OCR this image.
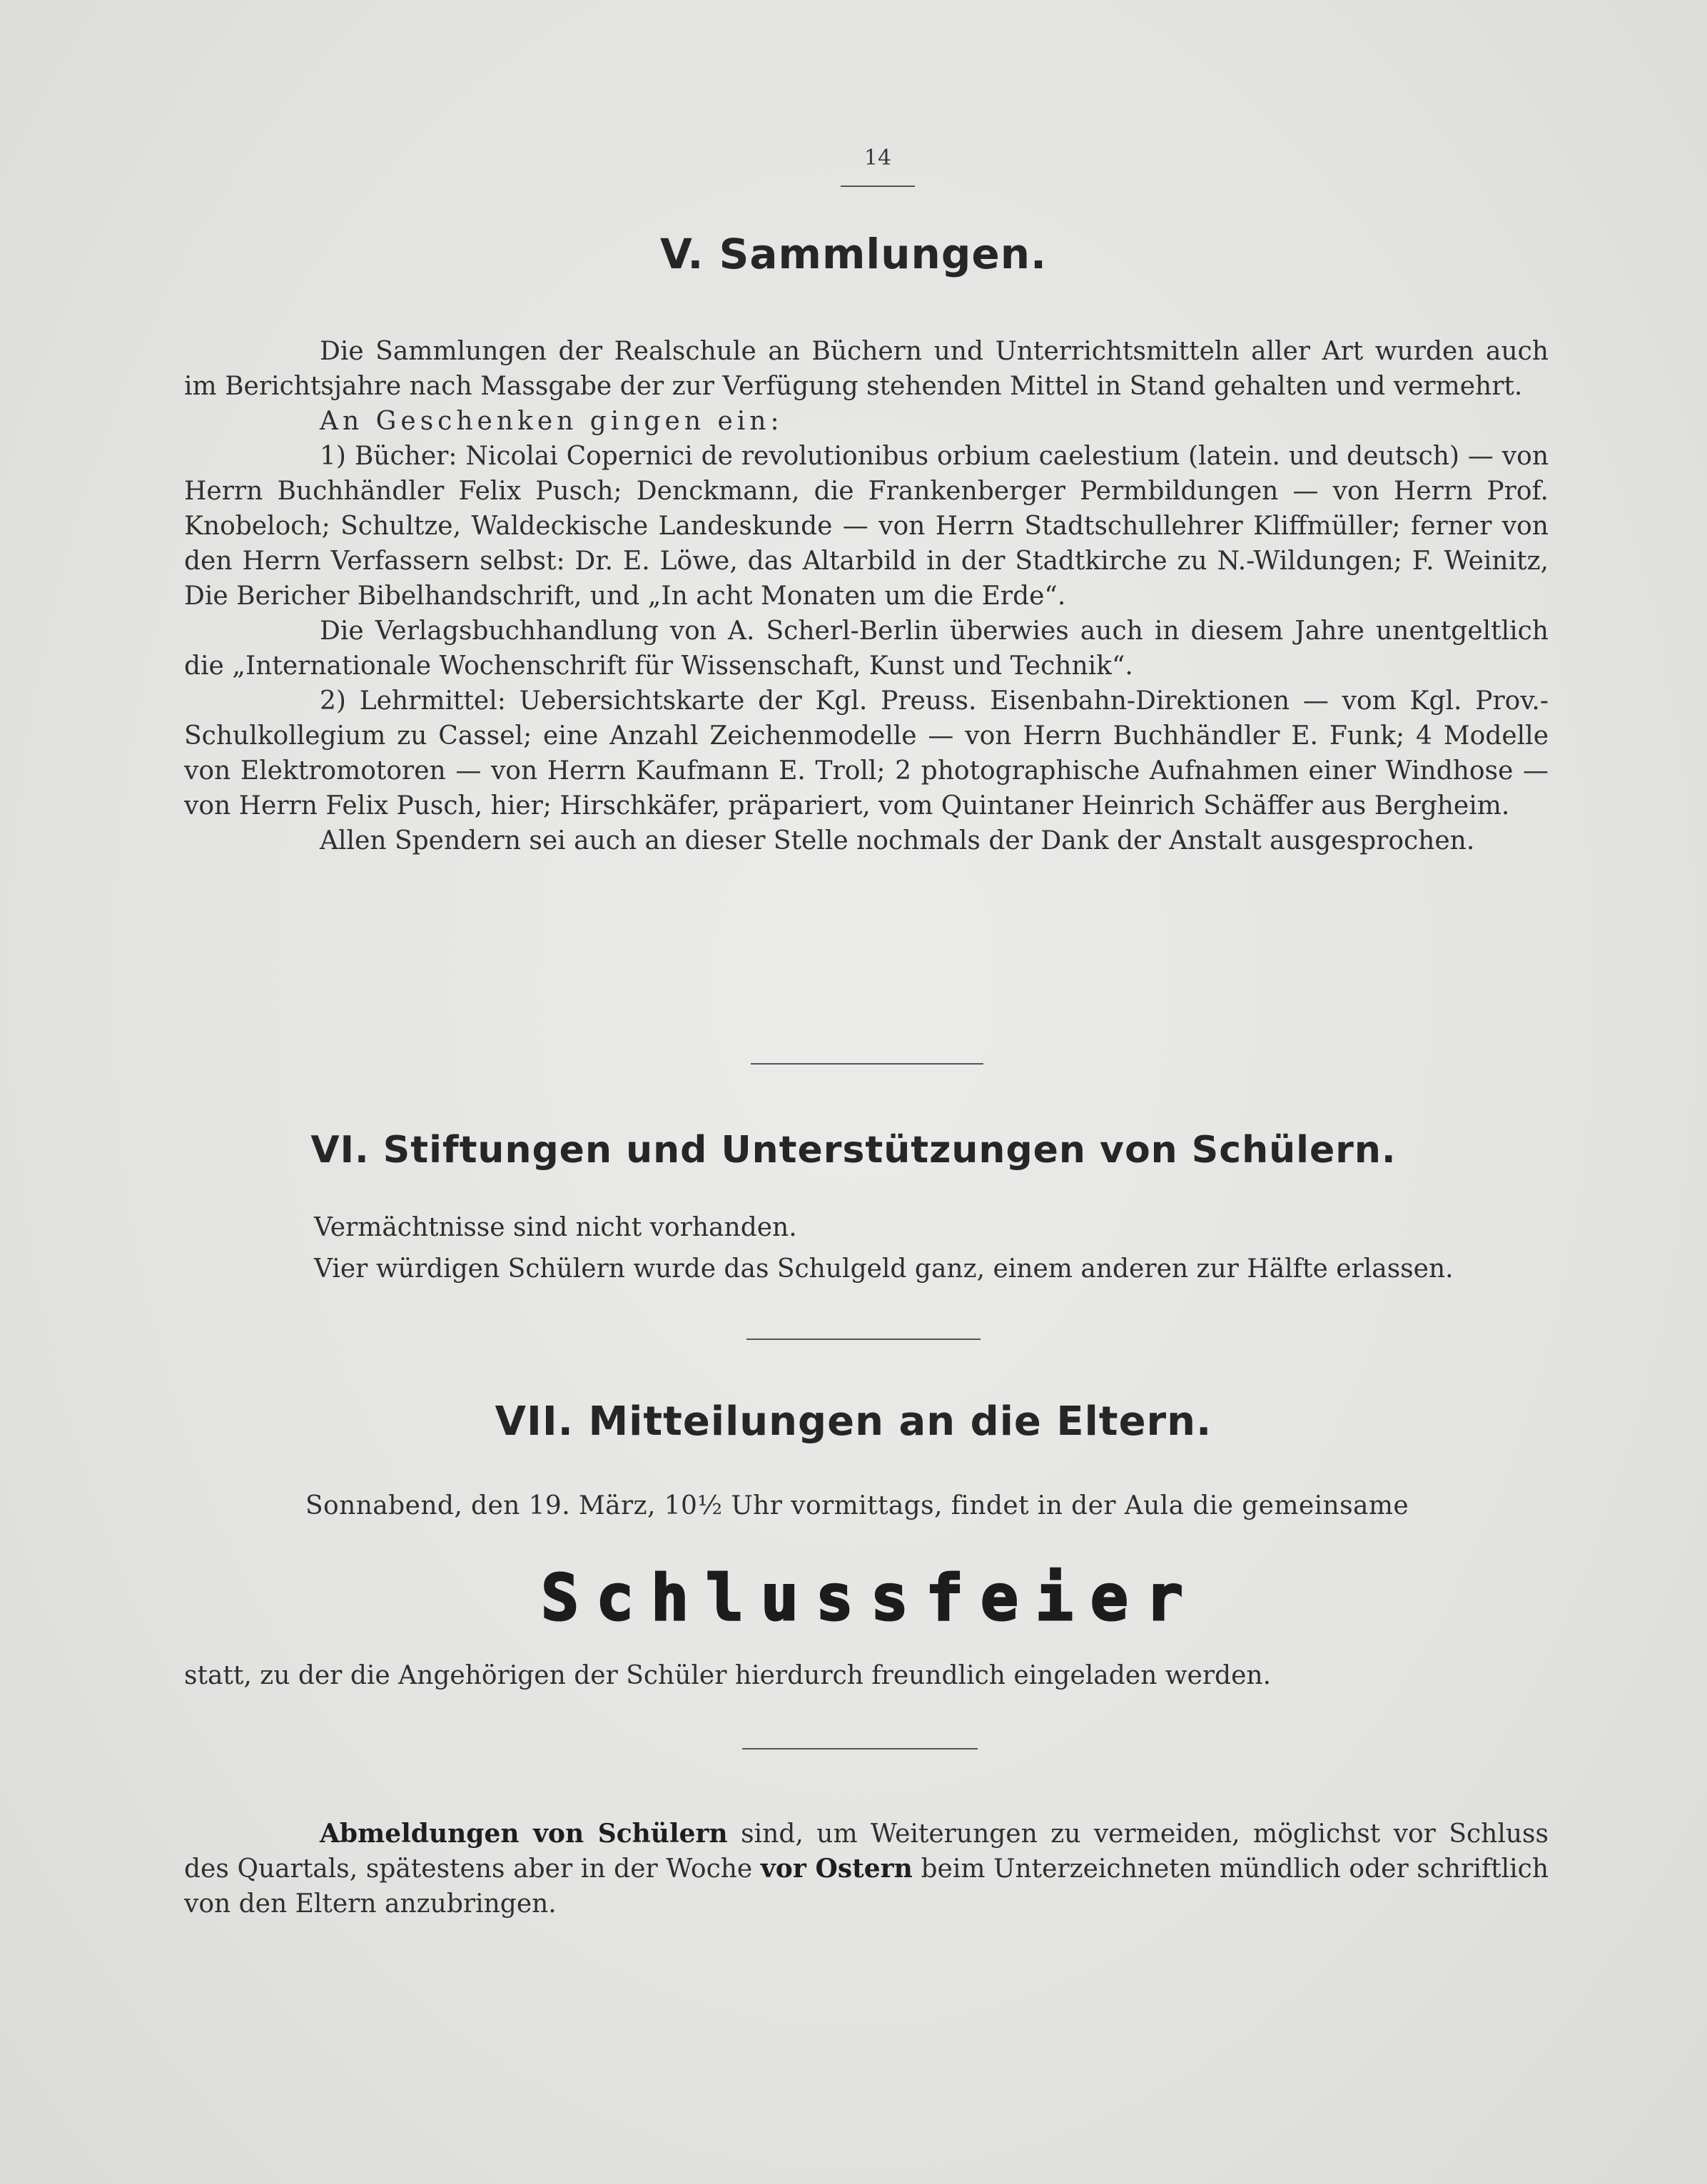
14
V. Sammlungen.

Die Sammlungen der Realschule an Büchern und Unterrichtsmitteln aller Art wurden auch im Berichtsjahre nach Massgabe der zur Verfügung stehenden Mittel in Stand gehalten und vermehrt.

An Geschenken gingen ein:

1) Bücher: Nicolai Copernici de revolutionibus orbium caelestium (latein. und deutsch) — von Herrn Buchhändler Felix Pusch; Denckmann, die Frankenberger Permbildungen — von Herrn Prof. Knobeloch; Schultze, Waldeckische Landeskunde — von Herrn Stadtschullehrer Kliffmüller; ferner von den Herrn Verfassern selbst: Dr. E. Löwe, das Altarbild in der Stadtkirche zu N.-Wildungen; F. Weinitz, Die Bericher Bibelhandschrift, und „In acht Monaten um die Erde“.

Die Verlagsbuchhandlung von A. Scherl-Berlin überwies auch in diesem Jahre unentgeltlich die „Internationale Wochenschrift für Wissenschaft, Kunst und Technik“.

2) Lehrmittel: Uebersichtskarte der Kgl. Preuss. Eisenbahn-Direktionen — vom Kgl. Prov.-Schulkollegium zu Cassel; eine Anzahl Zeichenmodelle — von Herrn Buchhändler E. Funk; 4 Modelle von Elektromotoren — von Herrn Kaufmann E. Troll; 2 photographische Aufnahmen einer Windhose — von Herrn Felix Pusch, hier; Hirschkäfer, präpariert, vom Quintaner Heinrich Schäffer aus Bergheim.

Allen Spendern sei auch an dieser Stelle nochmals der Dank der Anstalt ausgesprochen.

VI. Stiftungen und Unterstützungen von Schülern.
Vermächtnisse sind nicht vorhanden.
Vier würdigen Schülern wurde das Schulgeld ganz, einem anderen zur Hälfte erlassen.
VII. Mitteilungen an die Eltern.
Sonnabend, den 19. März, 10½ Uhr vormittags, findet in der Aula die gemeinsame
Schlussfeier
statt, zu der die Angehörigen der Schüler hierdurch freundlich eingeladen werden.

Abmeldungen von Schülern sind, um Weiterungen zu vermeiden, möglichst vor Schluss des Quartals, spätestens aber in der Woche vor Ostern beim Unterzeichneten mündlich oder schriftlich von den Eltern anzubringen.
